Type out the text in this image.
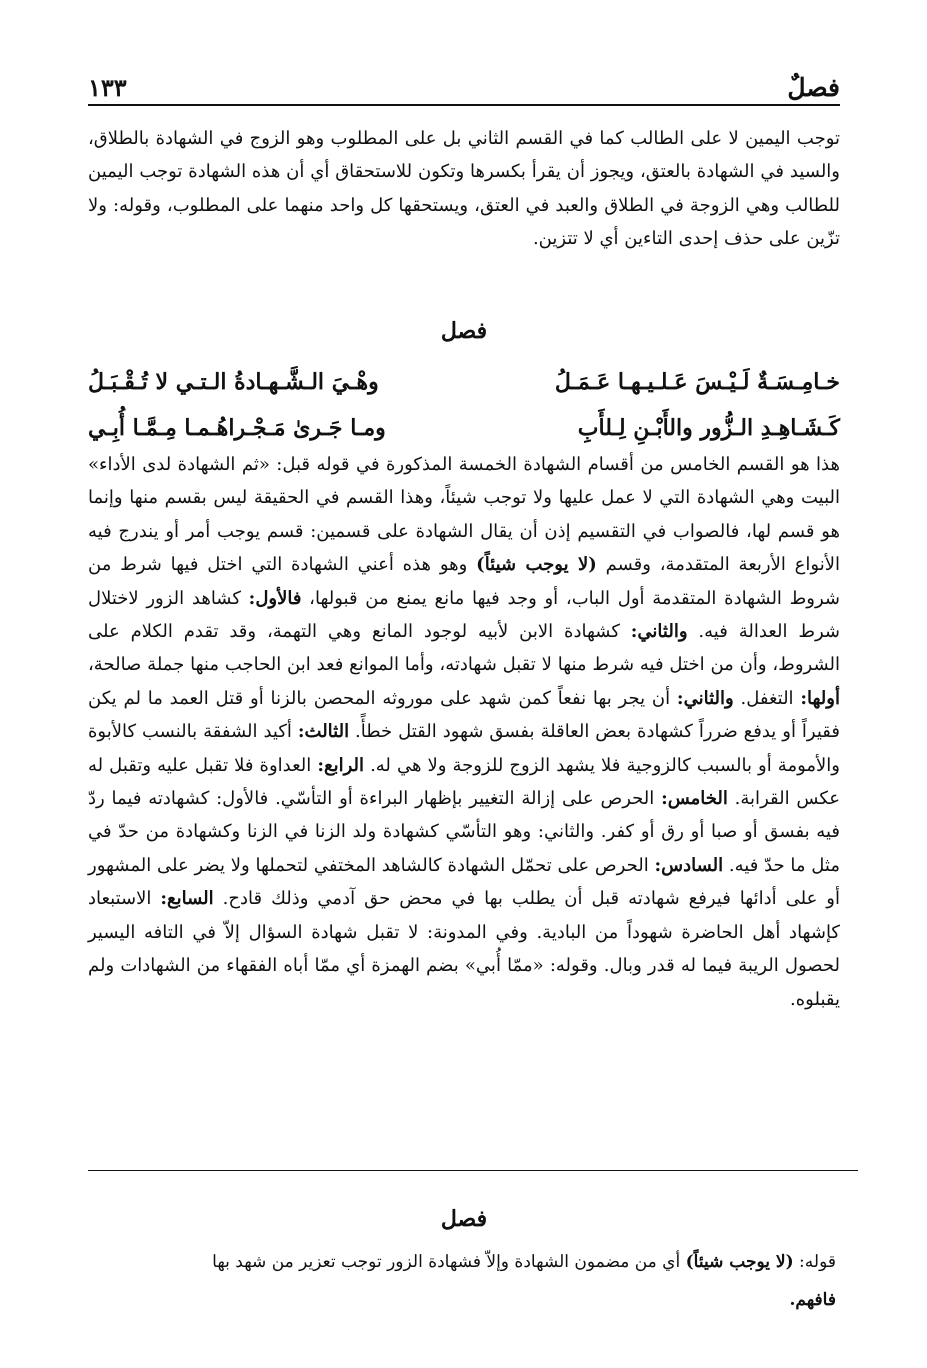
فصلٌ
١٣٣

توجب اليمين لا على الطالب كما في القسم الثاني بل على المطلوب وهو الزوج في الشهادة بالطلاق، والسيد في الشهادة بالعتق، ويجوز أن يقرأ بكسرها وتكون للاستحقاق أي أن هذه الشهادة توجب اليمين للطالب وهي الزوجة في الطلاق والعبد في العتق، ويستحقها كل واحد منهما على المطلوب، وقوله: ولا تزّين على حذف إحدى التاءين أي لا تتزين.

فصل
خـامِـسَـةٌ لَـيْـسَ عَـلـيـهـا عَـمَـلُ
وهْـيَ الـشَّـهـادةُ الـتـي لا تُـقْـبَـلُ
كَـشَـاهِـدِ الـزُّور والأَبْـنِ لِـلأَبِ
ومـا جَـرىٰ مَـجْـراهُـمـا مِـمَّـا أُبِـي

هذا هو القسم الخامس من أقسام الشهادة الخمسة المذكورة في قوله قبل: «ثم الشهادة لدى الأداء» البيت وهي الشهادة التي لا عمل عليها ولا توجب شيئاً، وهذا القسم في الحقيقة ليس بقسم منها وإنما هو قسم لها، فالصواب في التقسيم إذن أن يقال الشهادة على قسمين: قسم يوجب أمر أو يندرج فيه الأنواع الأربعة المتقدمة، وقسم (لا يوجب شيئاً) وهو هذه أعني الشهادة التي اختل فيها شرط من شروط الشهادة المتقدمة أول الباب، أو وجد فيها مانع يمنع من قبولها، فالأول: كشاهد الزور لاختلال شرط العدالة فيه. والثاني: كشهادة الابن لأبيه لوجود المانع وهي التهمة، وقد تقدم الكلام على الشروط، وأن من اختل فيه شرط منها لا تقبل شهادته، وأما الموانع فعد ابن الحاجب منها جملة صالحة، أولها: التغفل. والثاني: أن يجر بها نفعاً كمن شهد على موروثه المحصن بالزنا أو قتل العمد ما لم يكن فقيراً أو يدفع ضرراً كشهادة بعض العاقلة بفسق شهود القتل خطأً. الثالث: أكيد الشفقة بالنسب كالأبوة والأمومة أو بالسبب كالزوجية فلا يشهد الزوج للزوجة ولا هي له. الرابع: العداوة فلا تقبل عليه وتقبل له عكس القرابة. الخامس: الحرص على إزالة التغيير بإظهار البراءة أو التأسّي. فالأول: كشهادته فيما ردّ فيه بفسق أو صبا أو رق أو كفر. والثاني: وهو التأسّي كشهادة ولد الزنا في الزنا وكشهادة من حدّ في مثل ما حدّ فيه. السادس: الحرص على تحمّل الشهادة كالشاهد المختفي لتحملها ولا يضر على المشهور أو على أدائها فيرفع شهادته قبل أن يطلب بها في محض حق آدمي وذلك قادح. السابع: الاستبعاد كإشهاد أهل الحاضرة شهوداً من البادية. وفي المدونة: لا تقبل شهادة السؤال إلاّ في التافه اليسير لحصول الريبة فيما له قدر وبال. وقوله: «ممّا أُبي» بضم الهمزة أي ممّا أباه الفقهاء من الشهادات ولم يقبلوه.

فصل

قوله: (لا يوجب شيئاً) أي من مضمون الشهادة وإلاّ فشهادة الزور توجب تعزير من شهد بها

فافهم.
